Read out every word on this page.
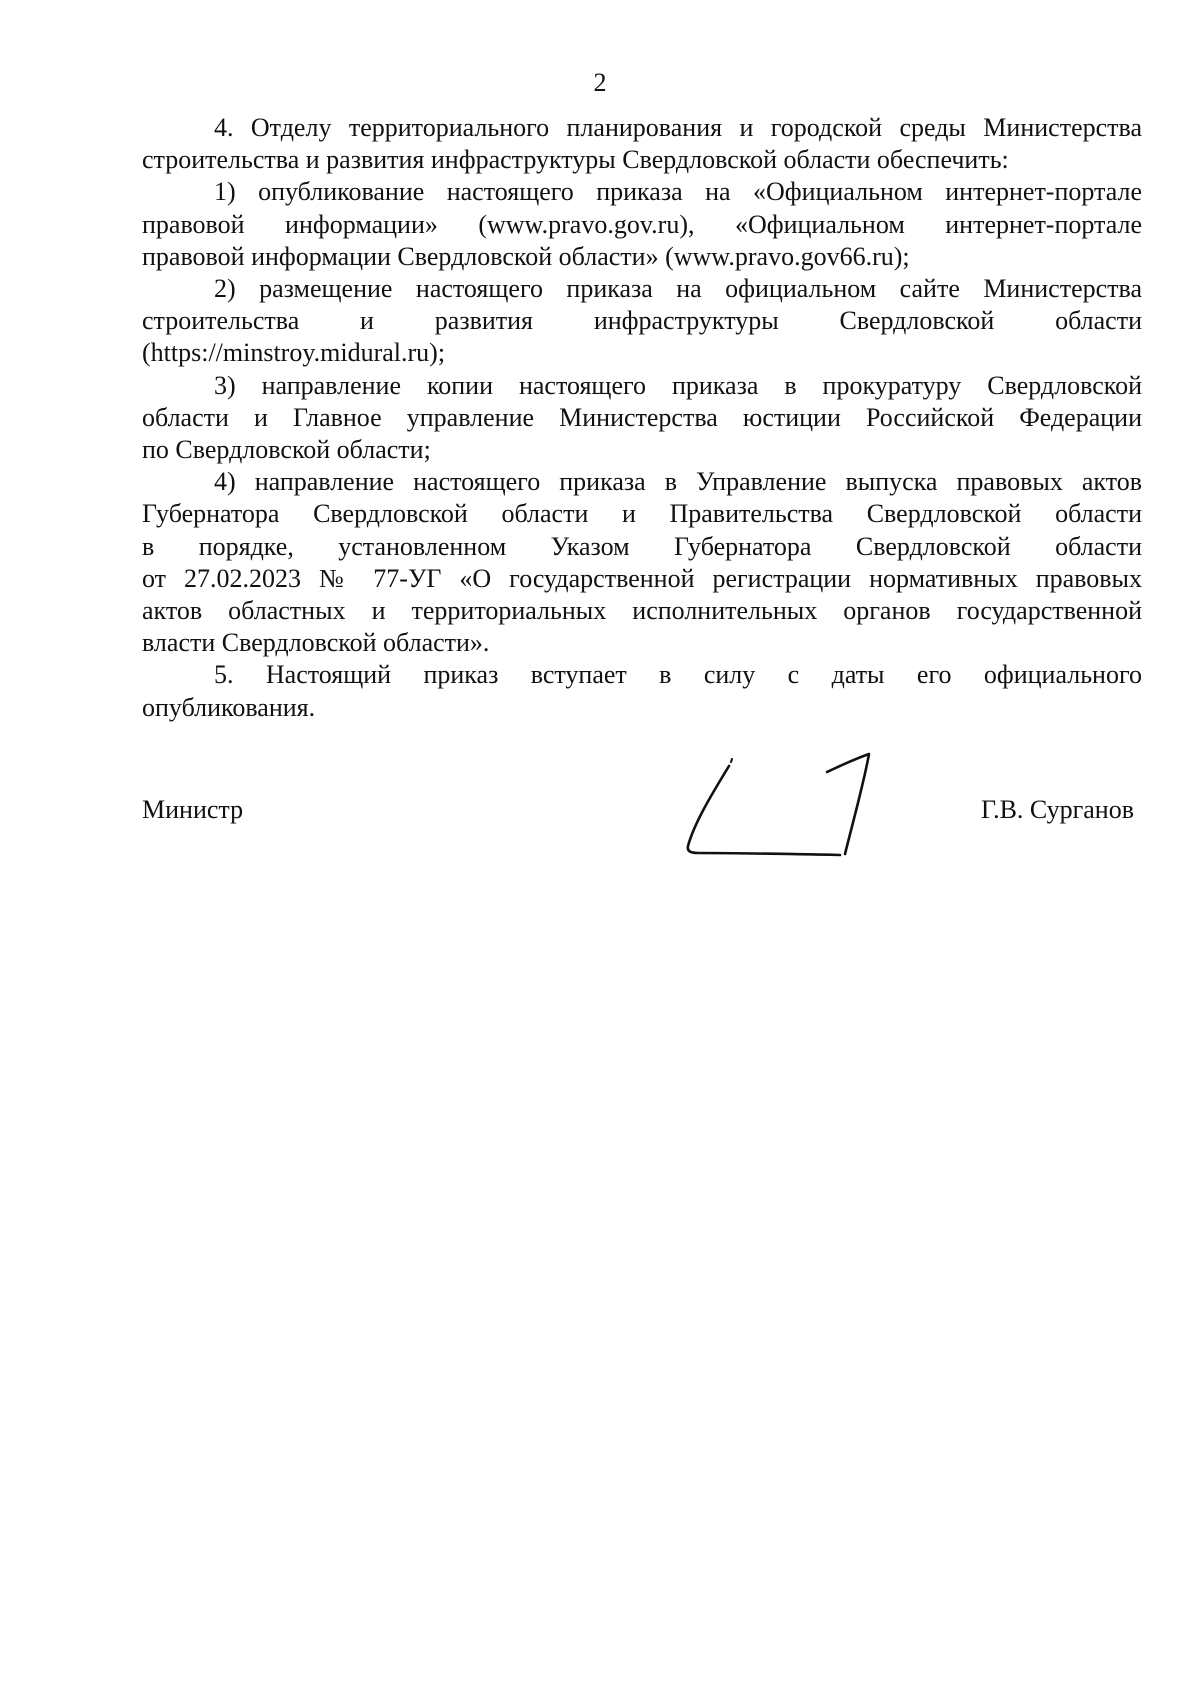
2

4. Отделу территориального планирования и городской среды Министерства
строительства и развития инфраструктуры Свердловской области обеспечить:

1) опубликование настоящего приказа на «Официальном интернет-портале
правовой информации» (www.pravo.gov.ru), «Официальном интернет-портале
правовой информации Свердловской области» (www.pravo.gov66.ru);

2) размещение настоящего приказа на официальном сайте Министерства
строительства и развития инфраструктуры Свердловской области
(https://minstroy.midural.ru);

3) направление копии настоящего приказа в прокуратуру Свердловской
области и Главное управление Министерства юстиции Российской Федерации
по Свердловской области;

4) направление настоящего приказа в Управление выпуска правовых актов
Губернатора Свердловской области и Правительства Свердловской области
в порядке, установленном Указом Губернатора Свердловской области
от 27.02.2023 № 77-УГ «О государственной регистрации нормативных правовых
актов областных и территориальных исполнительных органов государственной
власти Свердловской области».

5. Настоящий приказ вступает в силу с даты его официального
опубликования.

Министр	Г.В. Сурганов
